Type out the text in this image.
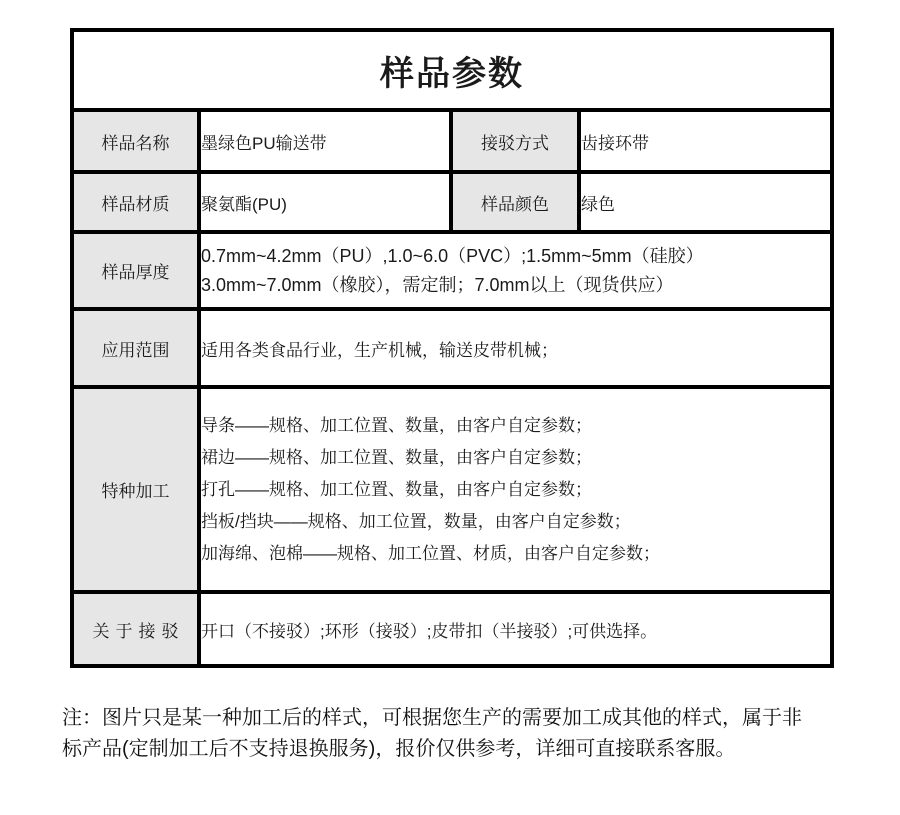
样品参数			
样品名称	墨绿色PU输送带	接驳方式	齿接环带
样品材质	聚氨酯(PU)	样品颜色	绿色
样品厚度	0.7mm~4.2mm（PU）,1.0~6.0（PVC）;1.5mm~5mm（硅胶）
3.0mm~7.0mm（橡胶），需定制；7.0mm以上（现货供应）		

应用范围	适用各类食品行业，生产机械，输送皮带机械；		
特种加工	导条——规格、加工位置、数量，由客户自定参数；
裙边——规格、加工位置、数量，由客户自定参数；
打孔——规格、加工位置、数量，由客户自定参数；
挡板/挡块——规格、加工位置，数量，由客户自定参数；
加海绵、泡棉——规格、加工位置、材质，由客户自定参数；		

关于接驳	开口（不接驳）;环形（接驳）;皮带扣（半接驳）;可供选择。		
注：图片只是某一种加工后的样式，可根据您生产的需要加工成其他的样式，属于非
标产品(定制加工后不支持退换服务)，报价仅供参考，详细可直接联系客服。
